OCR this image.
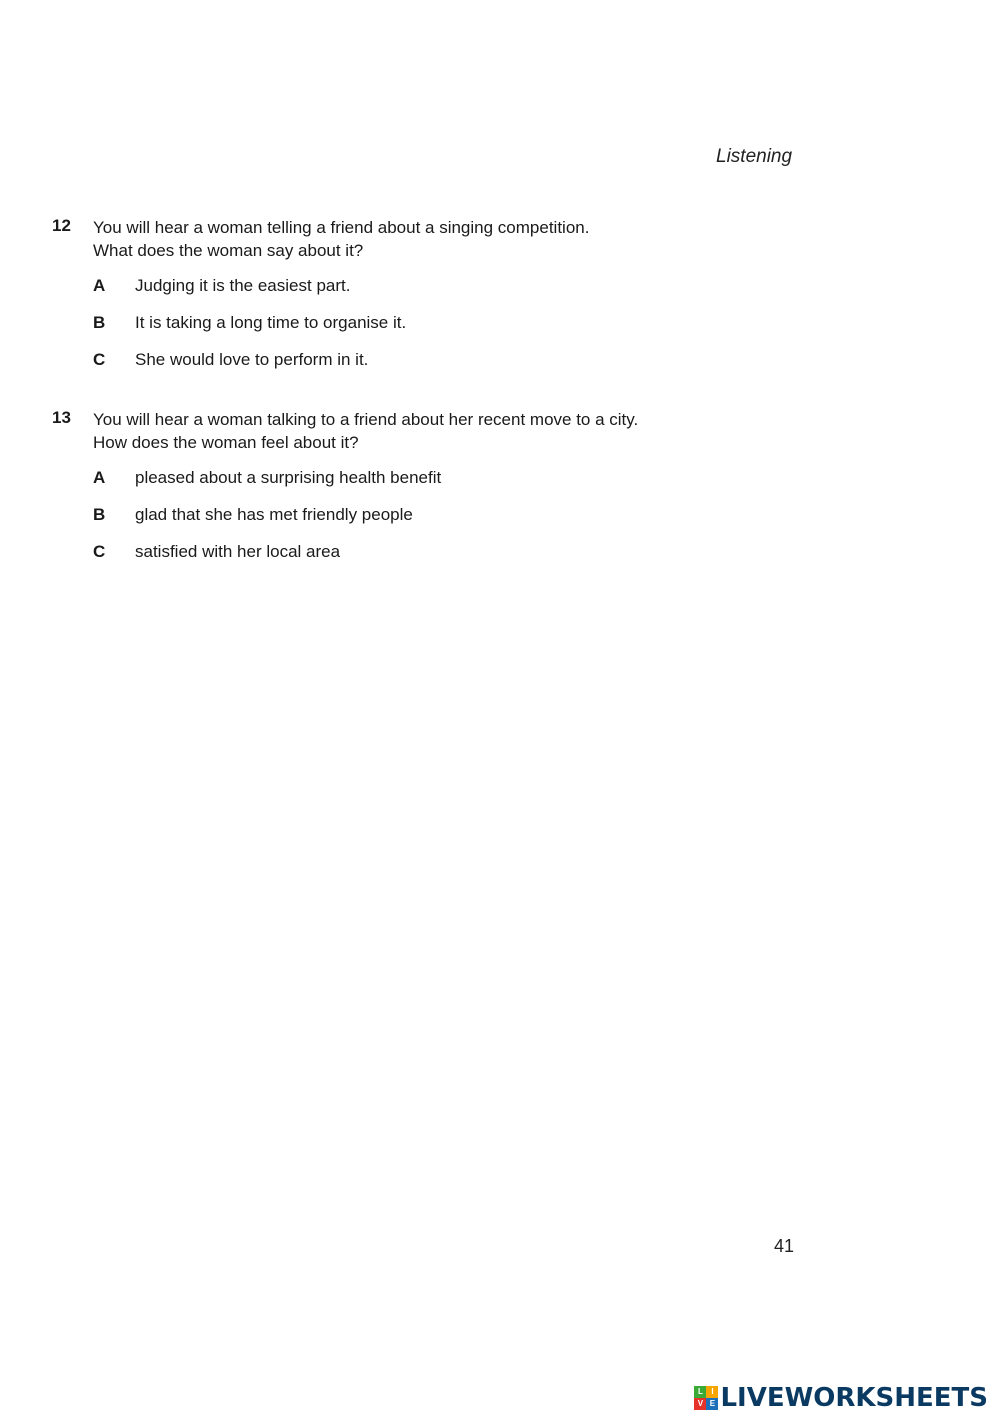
Listening
12 You will hear a woman telling a friend about a singing competition.
What does the woman say about it?
A Judging it is the easiest part.
B It is taking a long time to organise it.
C She would love to perform in it.
13 You will hear a woman talking to a friend about her recent move to a city.
How does the woman feel about it?
A pleased about a surprising health benefit
B glad that she has met friendly people
C satisfied with her local area
41
L	I
V E LIVEWORKSHEETS
